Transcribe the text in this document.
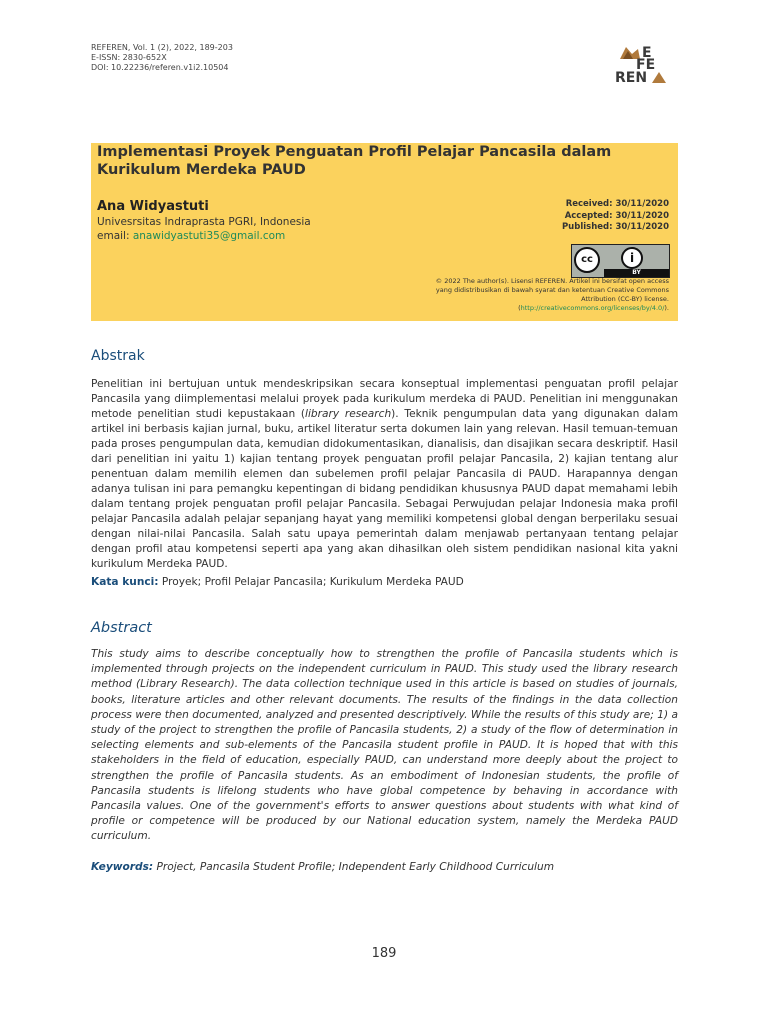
REFEREN, Vol. 1 (2), 2022, 189-203
E-ISSN: 2830-652X
DOI: 10.22236/referen.v1i2.10504
E
FE
REN
Implementasi Proyek Penguatan Profil Pelajar Pancasila dalam Kurikulum Merdeka PAUD
Ana Widyastuti
Univesrsitas Indraprasta PGRI, Indonesia
email: anawidyastuti35@gmail.com
Received: 30/11/2020
Accepted: 30/11/2020
Published: 30/11/2020
cc	i
BY
© 2022 The author(s). Lisensi REFEREN. Artikel ini bersifat open access yang didistribusikan di bawah syarat dan ketentuan Creative Commons Attribution (CC-BY) license.
(http://creativecommons.org/licenses/by/4.0/).
Abstrak
Penelitian ini bertujuan untuk mendeskripsikan secara konseptual implementasi penguatan profil pelajar Pancasila yang diimplementasi melalui proyek pada kurikulum merdeka di PAUD. Penelitian ini menggunakan metode penelitian studi kepustakaan (library research). Teknik pengumpulan data yang digunakan dalam artikel ini berbasis kajian jurnal, buku, artikel literatur serta dokumen lain yang relevan. Hasil temuan-temuan pada proses pengumpulan data, kemudian didokumentasikan, dianalisis, dan disajikan secara deskriptif. Hasil dari penelitian ini yaitu 1) kajian tentang proyek penguatan profil pelajar Pancasila, 2) kajian tentang alur penentuan dalam memilih elemen dan subelemen profil pelajar Pancasila di PAUD. Harapannya dengan adanya tulisan ini para pemangku kepentingan di bidang pendidikan khususnya PAUD dapat memahami lebih dalam tentang projek penguatan profil pelajar Pancasila. Sebagai Perwujudan pelajar Indonesia maka profil pelajar Pancasila adalah pelajar sepanjang hayat yang memiliki kompetensi global dengan berperilaku sesuai dengan nilai-nilai Pancasila. Salah satu upaya pemerintah dalam menjawab pertanyaan tentang pelajar dengan profil atau kompetensi seperti apa yang akan dihasilkan oleh sistem pendidikan nasional kita yakni kurikulum Merdeka PAUD.
Kata kunci: Proyek; Profil Pelajar Pancasila; Kurikulum Merdeka PAUD
Abstract
This study aims to describe conceptually how to strengthen the profile of Pancasila students which is implemented through projects on the independent curriculum in PAUD. This study used the library research method (Library Research). The data collection technique used in this article is based on studies of journals, books, literature articles and other relevant documents. The results of the findings in the data collection process were then documented, analyzed and presented descriptively. While the results of this study are; 1) a study of the project to strengthen the profile of Pancasila students, 2) a study of the flow of determination in selecting elements and sub-elements of the Pancasila student profile in PAUD. It is hoped that with this stakeholders in the field of education, especially PAUD, can understand more deeply about the project to strengthen the profile of Pancasila students. As an embodiment of Indonesian students, the profile of Pancasila students is lifelong students who have global competence by behaving in accordance with Pancasila values. One of the government's efforts to answer questions about students with what kind of profile or competence will be produced by our National education system, namely the Merdeka PAUD curriculum.
Keywords: Project, Pancasila Student Profile; Independent Early Childhood Curriculum
189
